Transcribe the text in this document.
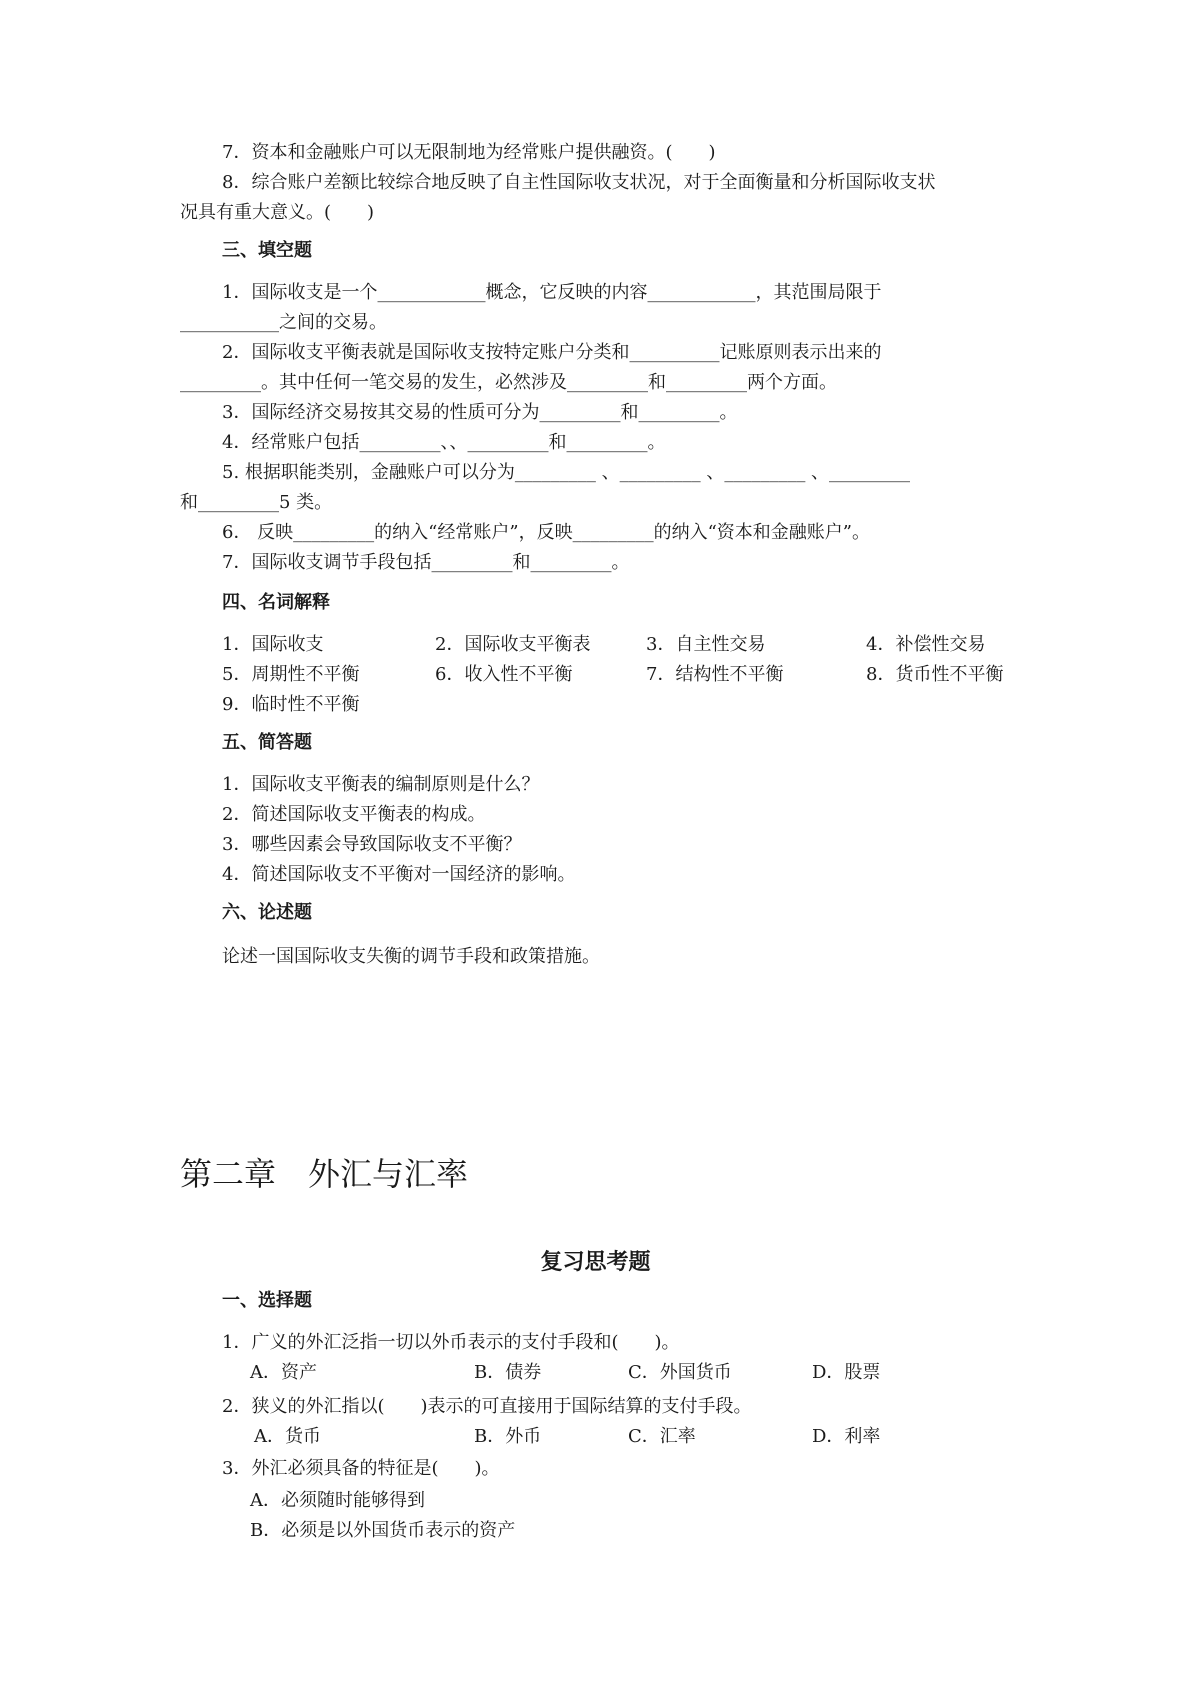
7．资本和金融账户可以无限制地为经常账户提供融资。(　　)
8．综合账户差额比较综合地反映了自主性国际收支状况，对于全面衡量和分析国际收支状
况具有重大意义。(　　)
三、填空题
1．国际收支是一个____________概念，它反映的内容____________，其范围局限于
___________之间的交易。
2．国际收支平衡表就是国际收支按特定账户分类和__________记账原则表示出来的
_________。其中任何一笔交易的发生，必然涉及_________和_________两个方面。
3．国际经济交易按其交易的性质可分为_________和_________。
4．经常账户包括_________、、_________和_________。
5. 根据职能类别，金融账户可以分为_________ 、_________ 、_________ 、_________
和_________5 类。
6． 反映_________的纳入“经常账户”，反映_________的纳入“资本和金融账户”。
7．国际收支调节手段包括_________和_________。
四、名词解释
1．国际收支	2．国际收支平衡表	3．自主性交易	4．补偿性交易
5．周期性不平衡	6．收入性不平衡	7．结构性不平衡	8．货币性不平衡
9．临时性不平衡
五、简答题
1．国际收支平衡表的编制原则是什么？
2．简述国际收支平衡表的构成。
3．哪些因素会导致国际收支不平衡？
4．简述国际收支不平衡对一国经济的影响。
六、论述题
论述一国国际收支失衡的调节手段和政策措施。
第二章　外汇与汇率
复习思考题
一、选择题
1．广义的外汇泛指一切以外币表示的支付手段和(　　)。
A．资产	B．债券	C．外国货币	D．股票
2．狭义的外汇指以(　　)表示的可直接用于国际结算的支付手段。
A．货币	B．外币	C．汇率	D．利率
3．外汇必须具备的特征是(　　)。
A．必须随时能够得到
B．必须是以外国货币表示的资产
